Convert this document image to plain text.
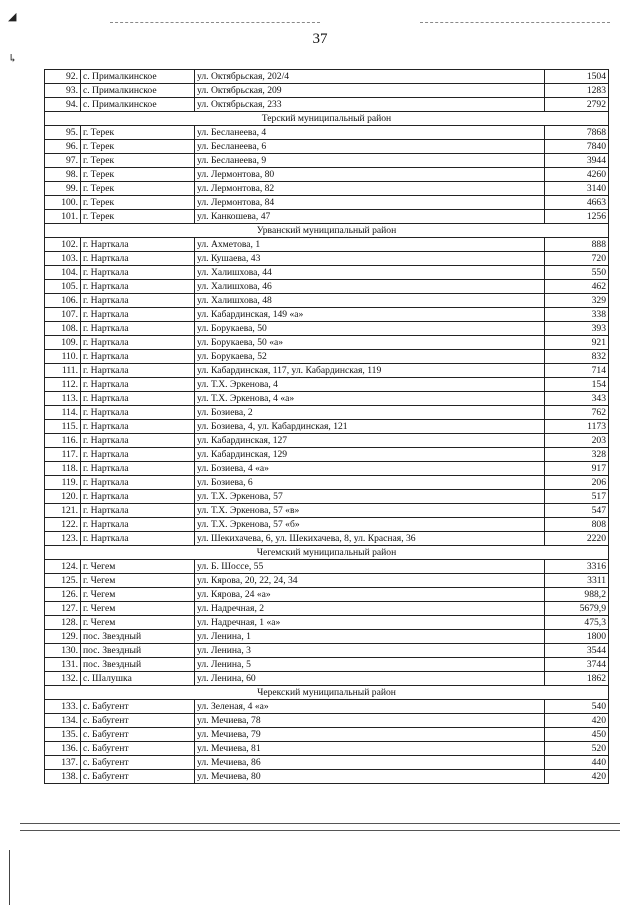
◢
↳
37
92.	с. Прималкинское	ул. Октябрьская, 202/4	1504
93.	с. Прималкинское	ул. Октябрьская, 209	1283
94.	с. Прималкинское	ул. Октябрьская, 233	2792
Терский муниципальный район			
95.	г. Терек	ул. Бесланеева, 4	7868
96.	г. Терек	ул. Бесланеева, 6	7840
97.	г. Терек	ул. Бесланеева, 9	3944
98.	г. Терек	ул. Лермонтова, 80	4260
99.	г. Терек	ул. Лермонтова, 82	3140
100.	г. Терек	ул. Лермонтова, 84	4663
101.	г. Терек	ул. Канкошева, 47	1256
Урванский муниципальный район			
102.	г. Нарткала	ул. Ахметова, 1	888
103.	г. Нарткала	ул. Кушаева, 43	720
104.	г. Нарткала	ул. Халишхова, 44	550
105.	г. Нарткала	ул. Халишхова, 46	462
106.	г. Нарткала	ул. Халишхова, 48	329
107.	г. Нарткала	ул. Кабардинская, 149 «а»	338
108.	г. Нарткала	ул. Борукаева, 50	393
109.	г. Нарткала	ул. Борукаева, 50 «а»	921
110.	г. Нарткала	ул. Борукаева, 52	832
111.	г. Нарткала	ул. Кабардинская, 117, ул. Кабардинская, 119	714
112.	г. Нарткала	ул. Т.Х. Эркенова, 4	154
113.	г. Нарткала	ул. Т.Х. Эркенова, 4 «а»	343
114.	г. Нарткала	ул. Бозиева, 2	762
115.	г. Нарткала	ул. Бозиева, 4, ул. Кабардинская, 121	1173
116.	г. Нарткала	ул. Кабардинская, 127	203
117.	г. Нарткала	ул. Кабардинская, 129	328
118.	г. Нарткала	ул. Бозиева, 4 «а»	917
119.	г. Нарткала	ул. Бозиева, 6	206
120.	г. Нарткала	ул. Т.Х. Эркенова, 57	517
121.	г. Нарткала	ул. Т.Х. Эркенова, 57 «в»	547
122.	г. Нарткала	ул. Т.Х. Эркенова, 57 «б»	808
123.	г. Нарткала	ул. Шекихачева, 6, ул. Шекихачева, 8, ул. Красная, 36	2220
Чегемский муниципальный район			
124.	г. Чегем	ул. Б. Шоссе, 55	3316
125.	г. Чегем	ул. Кярова, 20, 22, 24, 34	3311
126.	г. Чегем	ул. Кярова, 24 «а»	988,2
127.	г. Чегем	ул. Надречная, 2	5679,9
128.	г. Чегем	ул. Надречная, 1 «а»	475,3
129.	пос. Звездный	ул. Ленина, 1	1800
130.	пос. Звездный	ул. Ленина, 3	3544
131.	пос. Звездный	ул. Ленина, 5	3744
132.	с. Шалушка	ул. Ленина, 60	1862
Черекский муниципальный район			
133.	с. Бабугент	ул. Зеленая, 4 «а»	540
134.	с. Бабугент	ул. Мечиева, 78	420
135.	с. Бабугент	ул. Мечиева, 79	450
136.	с. Бабугент	ул. Мечиева, 81	520
137.	с. Бабугент	ул. Мечиева, 86	440
138.	с. Бабугент	ул. Мечиева, 80	420
